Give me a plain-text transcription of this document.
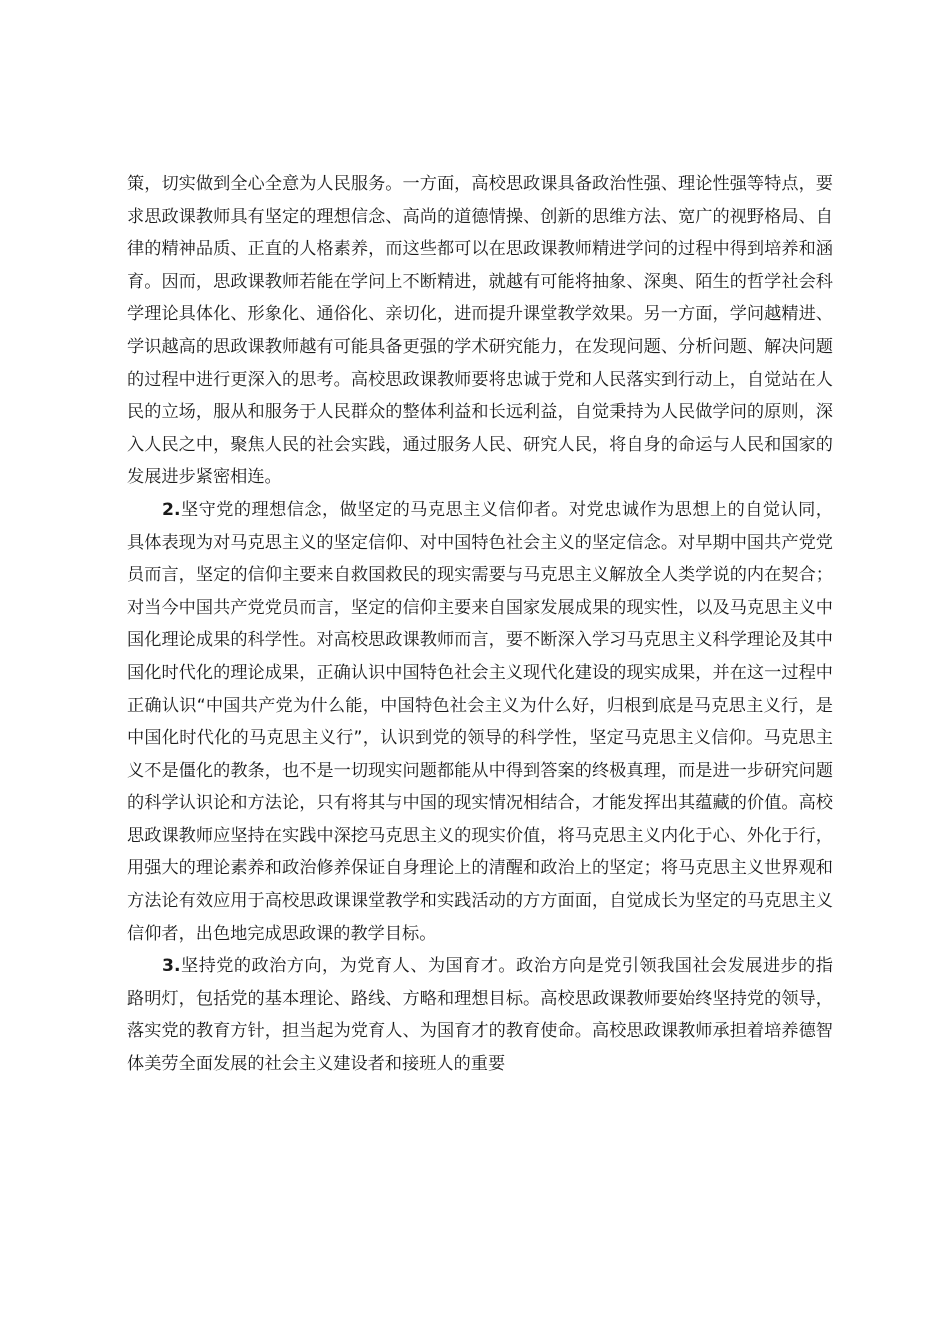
策，切实做到全心全意为人民服务。一方面，高校思政课具备政治性强、理论性强等特点，要求思政课教师具有坚定的理想信念、高尚的道德情操、创新的思维方法、宽广的视野格局、自律的精神品质、正直的人格素养，而这些都可以在思政课教师精进学问的过程中得到培养和涵育。因而，思政课教师若能在学问上不断精进，就越有可能将抽象、深奥、陌生的哲学社会科学理论具体化、形象化、通俗化、亲切化，进而提升课堂教学效果。另一方面，学问越精进、学识越高的思政课教师越有可能具备更强的学术研究能力，在发现问题、分析问题、解决问题的过程中进行更深入的思考。高校思政课教师要将忠诚于党和人民落实到行动上，自觉站在人民的立场，服从和服务于人民群众的整体利益和长远利益，自觉秉持为人民做学问的原则，深入人民之中，聚焦人民的社会实践，通过服务人民、研究人民，将自身的命运与人民和国家的发展进步紧密相连。

2.坚守党的理想信念，做坚定的马克思主义信仰者。对党忠诚作为思想上的自觉认同，具体表现为对马克思主义的坚定信仰、对中国特色社会主义的坚定信念。对早期中国共产党党员而言，坚定的信仰主要来自救国救民的现实需要与马克思主义解放全人类学说的内在契合；对当今中国共产党党员而言，坚定的信仰主要来自国家发展成果的现实性，以及马克思主义中国化理论成果的科学性。对高校思政课教师而言，要不断深入学习马克思主义科学理论及其中国化时代化的理论成果，正确认识中国特色社会主义现代化建设的现实成果，并在这一过程中正确认识“中国共产党为什么能，中国特色社会主义为什么好，归根到底是马克思主义行，是中国化时代化的马克思主义行”，认识到党的领导的科学性，坚定马克思主义信仰。马克思主义不是僵化的教条，也不是一切现实问题都能从中得到答案的终极真理，而是进一步研究问题的科学认识论和方法论，只有将其与中国的现实情况相结合，才能发挥出其蕴藏的价值。高校思政课教师应坚持在实践中深挖马克思主义的现实价值，将马克思主义内化于心、外化于行，用强大的理论素养和政治修养保证自身理论上的清醒和政治上的坚定；将马克思主义世界观和方法论有效应用于高校思政课课堂教学和实践活动的方方面面，自觉成长为坚定的马克思主义信仰者，出色地完成思政课的教学目标。

3.坚持党的政治方向，为党育人、为国育才。政治方向是党引领我国社会发展进步的指路明灯，包括党的基本理论、路线、方略和理想目标。高校思政课教师要始终坚持党的领导，落实党的教育方针，担当起为党育人、为国育才的教育使命。高校思政课教师承担着培养德智体美劳全面发展的社会主义建设者和接班人的重要
